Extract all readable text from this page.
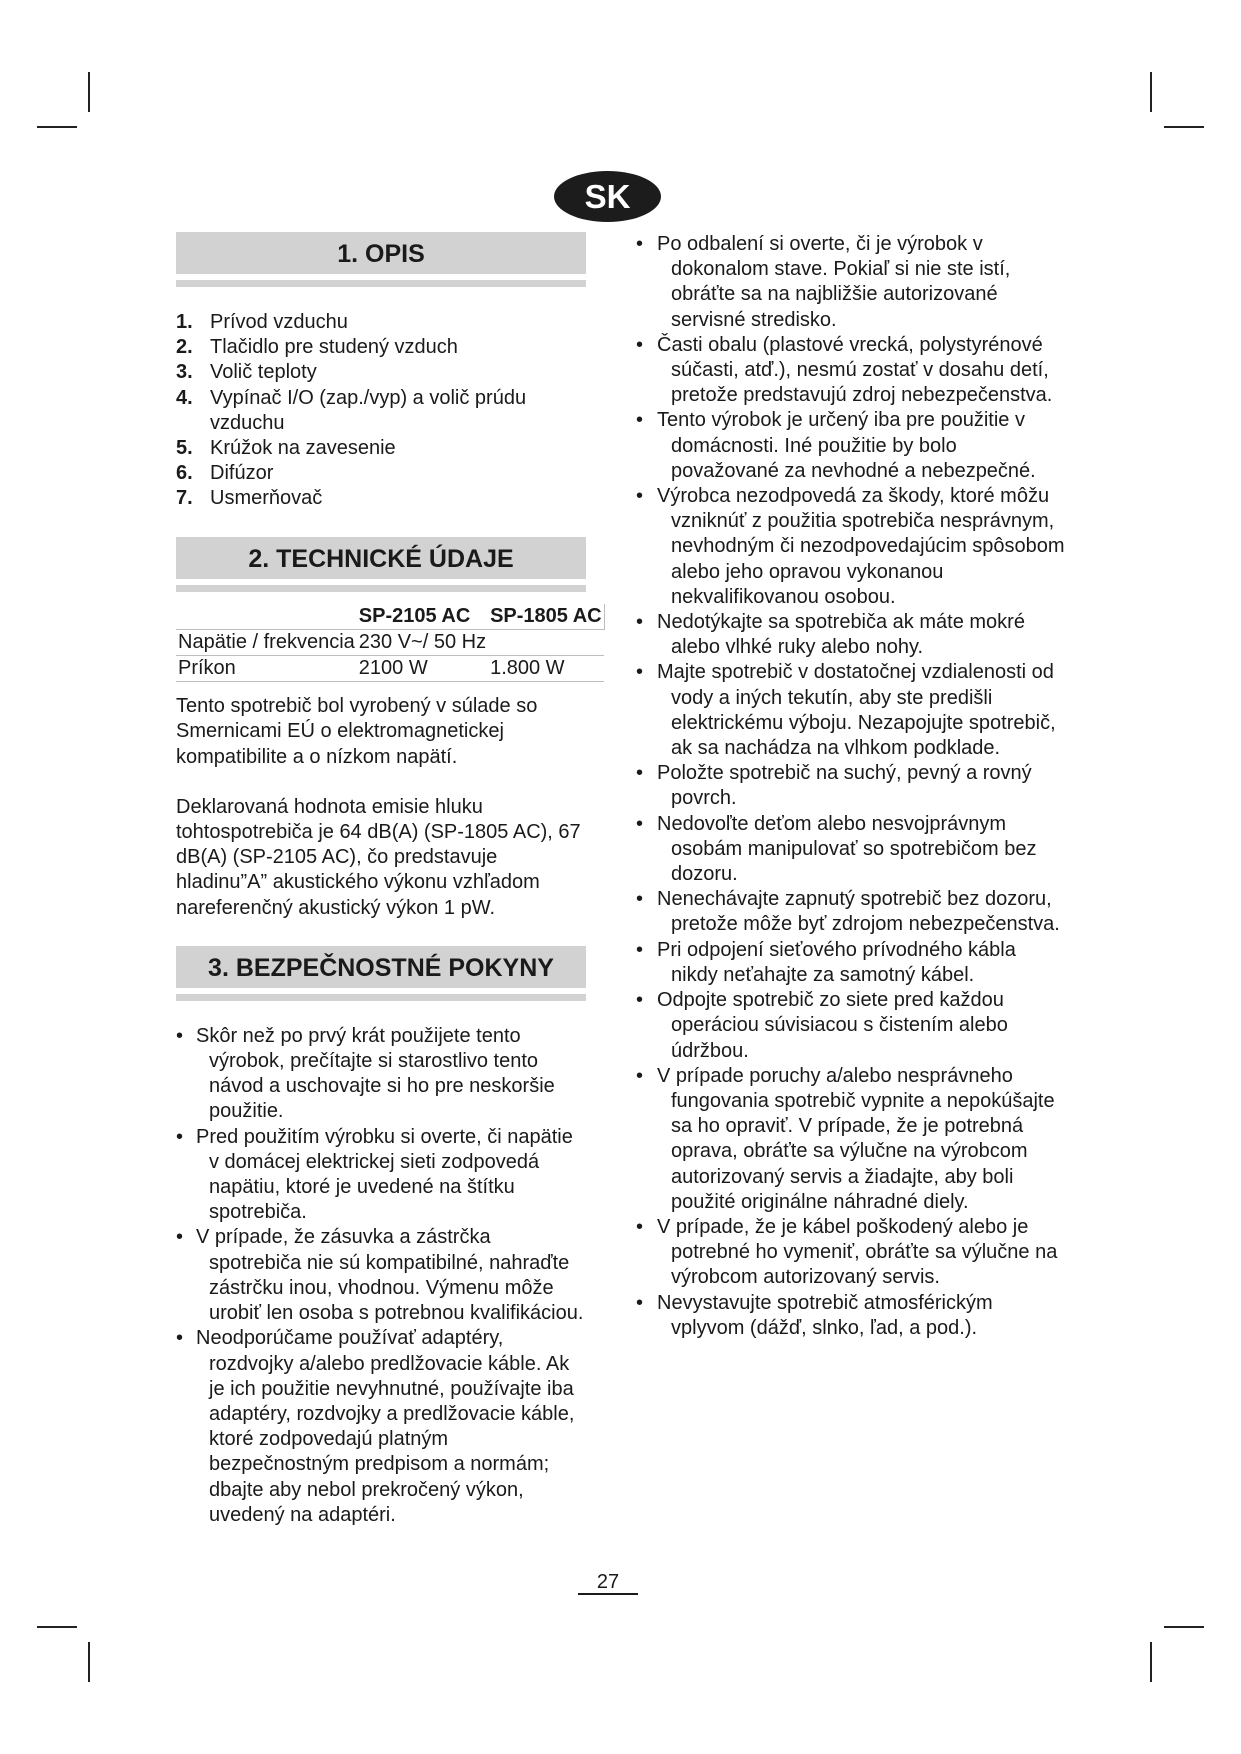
SK
1. OPIS
1. Prívod vzduchu
2. Tlačidlo pre studený vzduch
3. Volič teploty
4. Vypínač I/O (zap./vyp) a volič prúdu vzduchu
5. Krúžok na zavesenie
6. Difúzor
7. Usmerňovač
2. TECHNICKÉ ÚDAJE
	SP-2105 AC	SP-1805 AC
Napätie / frekvencia	230 V~/ 50 Hz	
Príkon	2100 W	1.800 W

Tento spotrebič bol vyrobený v súlade so Smernicami EÚ o elektromagnetickej kompatibilite a o nízkom napätí.

Deklarovaná hodnota emisie hluku tohtospotrebiča je 64 dB(A) (SP-1805 AC), 67 dB(A) (SP-2105 AC), čo predstavuje hladinu”A” akustického výkonu vzhľadom nareferenčný akustický výkon 1 pW.

3. BEZPEČNOSTNÉ POKYNY
• Skôr než po prvý krát použijete tento výrobok, prečítajte si starostlivo tento návod a uschovajte si ho pre neskoršie použitie.
• Pred použitím výrobku si overte, či napätie v domácej elektrickej sieti zodpovedá napätiu, ktoré je uvedené na štítku spotrebiča.
• V prípade, že zásuvka a zástrčka spotrebiča nie sú kompatibilné, nahraďte zástrčku inou, vhodnou. Výmenu môže urobiť len osoba s potrebnou kvalifikáciou.
• Neodporúčame používať adaptéry, rozdvojky a/alebo predlžovacie káble. Ak je ich použitie nevyhnutné, používajte iba adaptéry, rozdvojky a predlžovacie káble, ktoré zodpovedajú platným bezpečnostným predpisom a normám; dbajte aby nebol prekročený výkon, uvedený na adaptéri.
• Po odbalení si overte, či je výrobok v dokonalom stave. Pokiaľ si nie ste istí, obráťte sa na najbližšie autorizované servisné stredisko.
• Časti obalu (plastové vrecká, polystyrénové súčasti, atď.), nesmú zostať v dosahu detí, pretože predstavujú zdroj nebezpečenstva.
• Tento výrobok je určený iba pre použitie v domácnosti. Iné použitie by bolo považované za nevhodné a nebezpečné.
• Výrobca nezodpovedá za škody, ktoré môžu vzniknúť z použitia spotrebiča nesprávnym, nevhodným či nezodpovedajúcim spôsobom alebo jeho opravou vykonanou nekvalifikovanou osobou.
• Nedotýkajte sa spotrebiča ak máte mokré alebo vlhké ruky alebo nohy.
• Majte spotrebič v dostatočnej vzdialenosti od vody a iných tekutín, aby ste predišli elektrickému výboju. Nezapojujte spotrebič, ak sa nachádza na vlhkom podklade.
• Položte spotrebič na suchý, pevný a rovný povrch.
• Nedovoľte deťom alebo nesvojprávnym osobám manipulovať so spotrebičom bez dozoru.
• Nenechávajte zapnutý spotrebič bez dozoru, pretože môže byť zdrojom nebezpečenstva.
• Pri odpojení sieťového prívodného kábla nikdy neťahajte za samotný kábel.
• Odpojte spotrebič zo siete pred každou operáciou súvisiacou s čistením alebo údržbou.
• V prípade poruchy a/alebo nesprávneho fungovania spotrebič vypnite a nepokúšajte sa ho opraviť. V prípade, že je potrebná oprava, obráťte sa výlučne na výrobcom autorizovaný servis a žiadajte, aby boli použité originálne náhradné diely.
• V prípade, že je kábel poškodený alebo je potrebné ho vymeniť, obráťte sa výlučne na výrobcom autorizovaný servis.
• Nevystavujte spotrebič atmosférickým vplyvom (dážď, slnko, ľad, a pod.).
27
